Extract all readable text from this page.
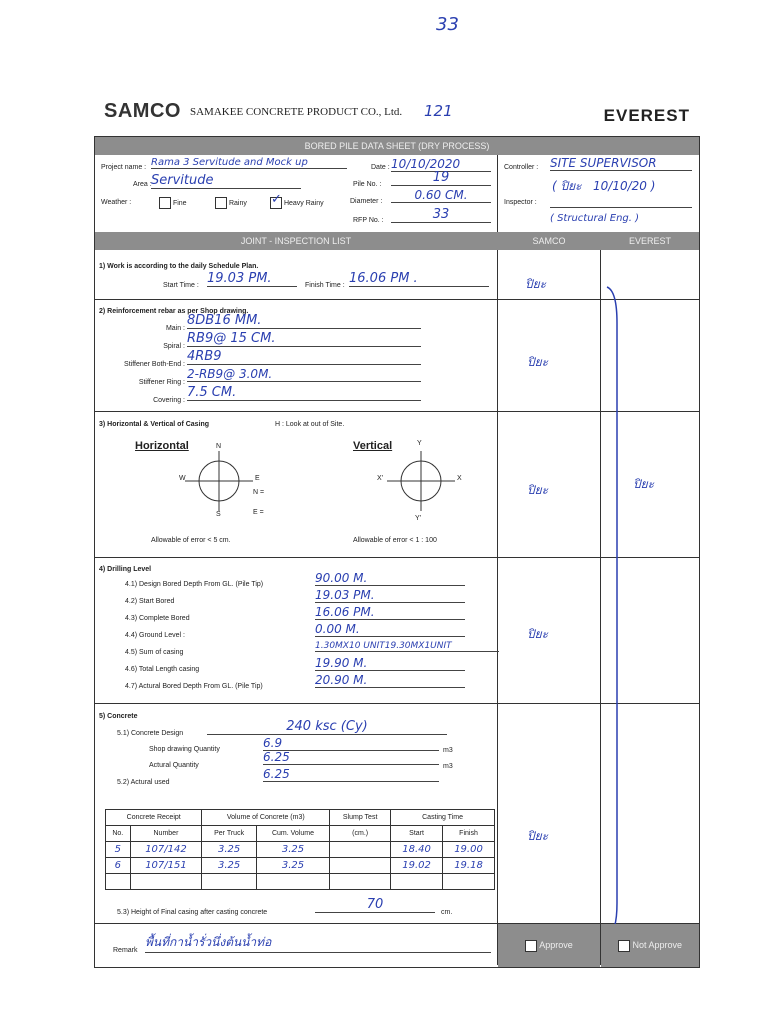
33
SAMCO SAMAKEE CONCRETE PRODUCT CO., Ltd. 121	EVEREST
BORED PILE DATA SHEET (DRY PROCESS)
Project name : Rama 3 Servitude and Mock up
Area : Servitude
Weather :	Fine	Rainy ✓ Heavy Rainy
Date : 10/10/2020
Pile No. :	19
Diameter :	0.60 CM.
RFP No. :	33
Controller : SITE SUPERVISOR
( ปิยะ   10/10/20 )
Inspector :
( Structural Eng. )
JOINT - INSPECTION LIST	SAMCO	EVEREST
1) Work is according to the daily Schedule Plan.
Start Time : 19.03 PM.	Finish Time : 16.06 PM .	ปิยะ
2) Reinforcement rebar as per Shop drawing.
Main :
8DB16 MM.
Spiral :
RB9@ 15 CM.
Stiffener Both-End :
4RB9
Stiffener Ring :
2-RB9@ 3.0M.
Covering :
7.5 CM.
ปิยะ
3) Horizontal & Vertical of Casing	H : Look at out of Site.
Horizontal	Vertical
N
S
W	E
N =
E =
Y
Y'
X'	X
Allowable of error < 5 cm.	Allowable of error < 1 : 100
ปิยะ
4) Drilling Level
4.1) Design Bored Depth From GL. (Pile Tip)	90.00 M.
4.2) Start Bored	19.03 PM.
4.3) Complete Bored	16.06 PM.
4.4) Ground Level :	0.00 M.
4.5) Sum of casing
1.30MX10 UNIT19.30MX1UNIT
4.6) Total Length casing	19.90 M.
4.7) Actural Bored Depth From GL. (Pile Tip)	20.90 M.
ปิยะ
5) Concrete
5.1) Concrete Design	240 ksc (Cy)
Shop drawing Quantity	6.9
m3
Actural Quantity
6.25
m3
5.2) Actural used
6.25
Concrete Receipt		Volume of Concrete (m3)		Slump Test	Casting Time	
No.	Number	Per Truck	Cum. Volume	(cm.)	Start	Finish
5	107/142	3.25	3.25		18.40	19.00
6	107/151	3.25	3.25		19.02	19.18

5.3) Height of Final casing after casting concrete
70
cm.
ปิยะ
ปิยะ
Remark
พื้นที่กาน้ำรั่วนึ่งต้นน้ำท่อ	Approve	Not Approve
